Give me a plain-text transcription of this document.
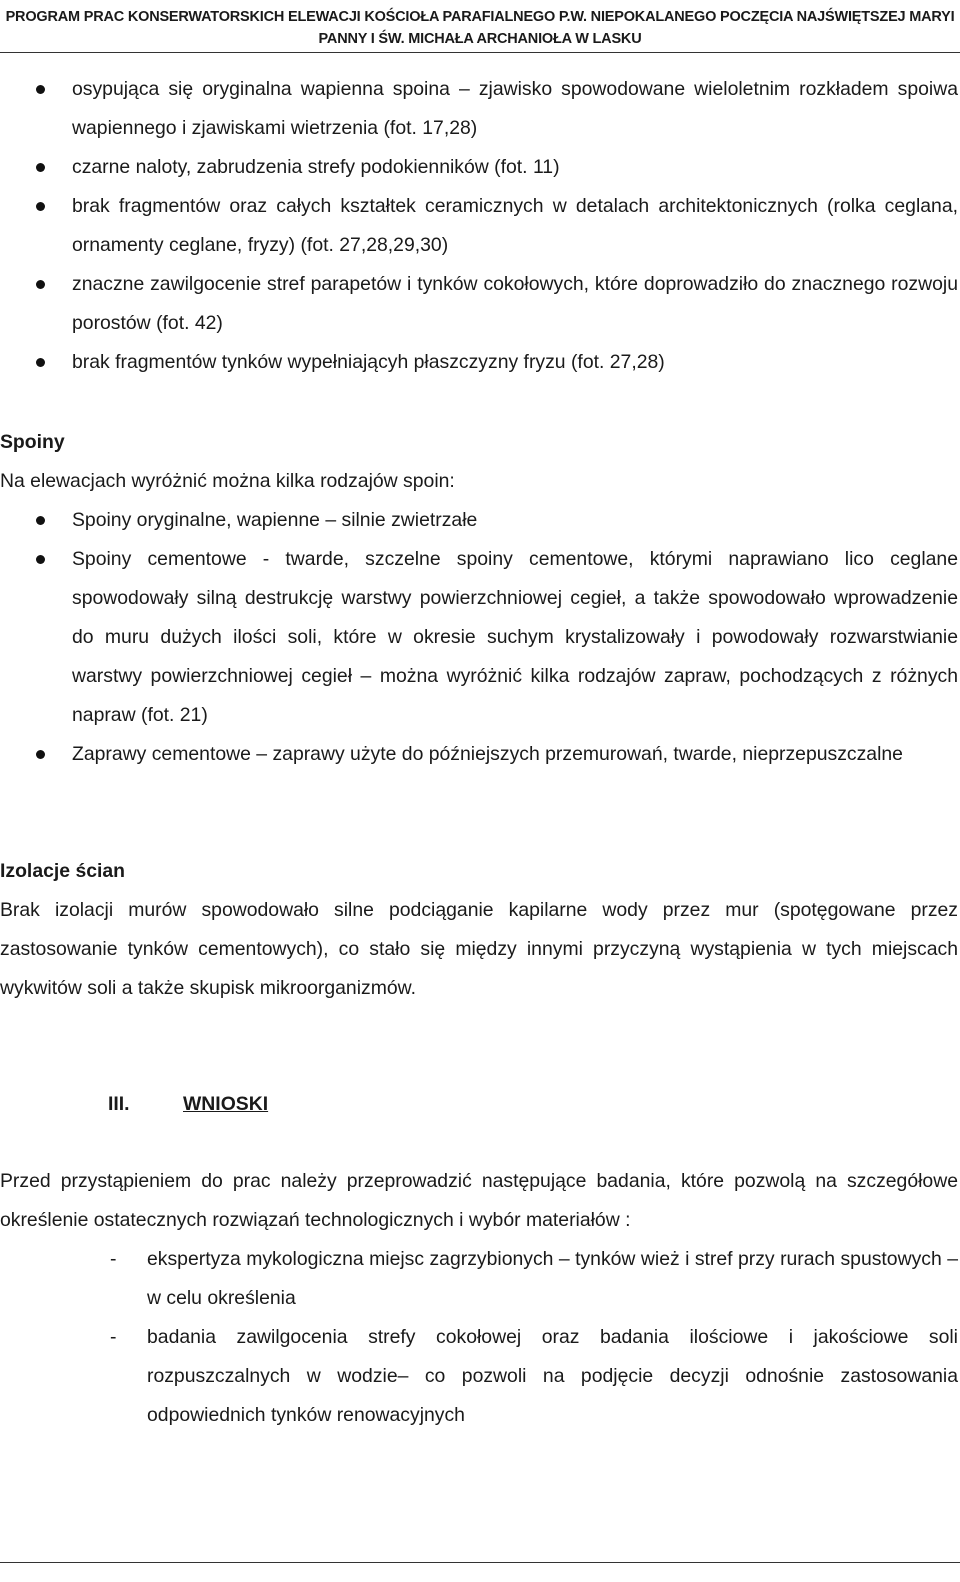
PROGRAM PRAC KONSERWATORSKICH ELEWACJI KOŚCIOŁA PARAFIALNEGO P.W. NIEPOKALANEGO POCZĘCIA NAJŚWIĘTSZEJ MARYI
PANNY I ŚW. MICHAŁA ARCHANIOŁA W LASKU
osypująca się oryginalna wapienna spoina – zjawisko spowodowane wieloletnim rozkładem spoiwa wapiennego i zjawiskami wietrzenia (fot. 17,28)
czarne naloty, zabrudzenia strefy podokienników (fot. 11)
brak fragmentów oraz całych kształtek ceramicznych w detalach architektonicznych (rolka ceglana, ornamenty ceglane, fryzy) (fot. 27,28,29,30)
znaczne zawilgocenie stref parapetów i tynków cokołowych, które doprowadziło do znacznego rozwoju porostów (fot. 42)
brak fragmentów tynków wypełniającyh płaszczyzny fryzu (fot. 27,28)
Spoiny

Na elewacjach wyróżnić można kilka rodzajów spoin:

Spoiny oryginalne, wapienne – silnie zwietrzałe
Spoiny cementowe - twarde, szczelne spoiny cementowe, którymi naprawiano lico ceglane spowodowały silną destrukcję warstwy powierzchniowej cegieł, a także spowodowało wprowadzenie do muru dużych ilości soli, które w okresie suchym krystalizowały i powodowały rozwarstwianie warstwy powierzchniowej cegieł – można wyróżnić kilka rodzajów zapraw, pochodzących z różnych napraw (fot. 21)
Zaprawy cementowe – zaprawy użyte do późniejszych przemurowań, twarde, nieprzepuszczalne
Izolacje ścian

Brak izolacji murów spowodowało silne podciąganie kapilarne wody przez mur (spotęgowane przez zastosowanie tynków cementowych), co stało się między innymi przyczyną wystąpienia w tych miejscach wykwitów soli a także skupisk mikroorganizmów.

III.	WNIOSKI

Przed przystąpieniem do prac należy przeprowadzić następujące badania, które pozwolą na szczegółowe określenie ostatecznych rozwiązań technologicznych i wybór materiałów :

- ekspertyza mykologiczna miejsc zagrzybionych – tynków wież i stref przy rurach spustowych – w celu określenia
- badania zawilgocenia strefy cokołowej oraz badania ilościowe i jakościowe soli rozpuszczalnych w wodzie– co pozwoli na podjęcie decyzji odnośnie zastosowania odpowiednich tynków renowacyjnych
